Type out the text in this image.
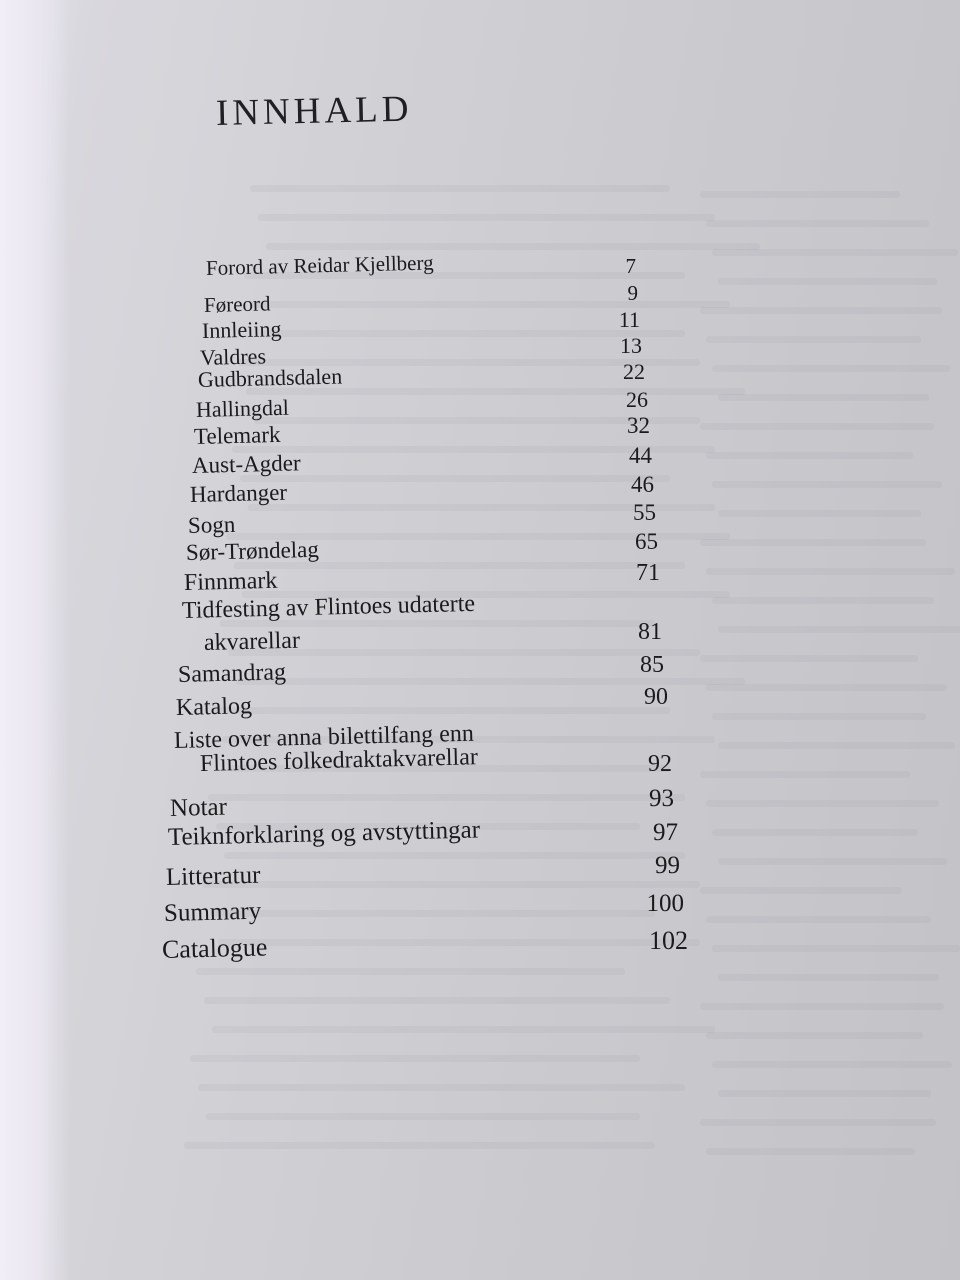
INNHALD
Forord av Reidar Kjellberg	7
Føreord	9
Innleiing	11
Valdres	13
Gudbrandsdalen	22
Hallingdal	26
Telemark	32
Aust-Agder	44
Hardanger	46
Sogn	55
Sør-Trøndelag	65
Finnmark	71
Tidfesting av Flintoes udaterte
akvarellar	81
Samandrag	85
Katalog	90
Liste over anna bilettilfang enn
Flintoes folkedraktakvarellar	92
Notar	93
Teiknforklaring og avstyttingar	97
Litteratur	99
Summary	100
Catalogue	102
